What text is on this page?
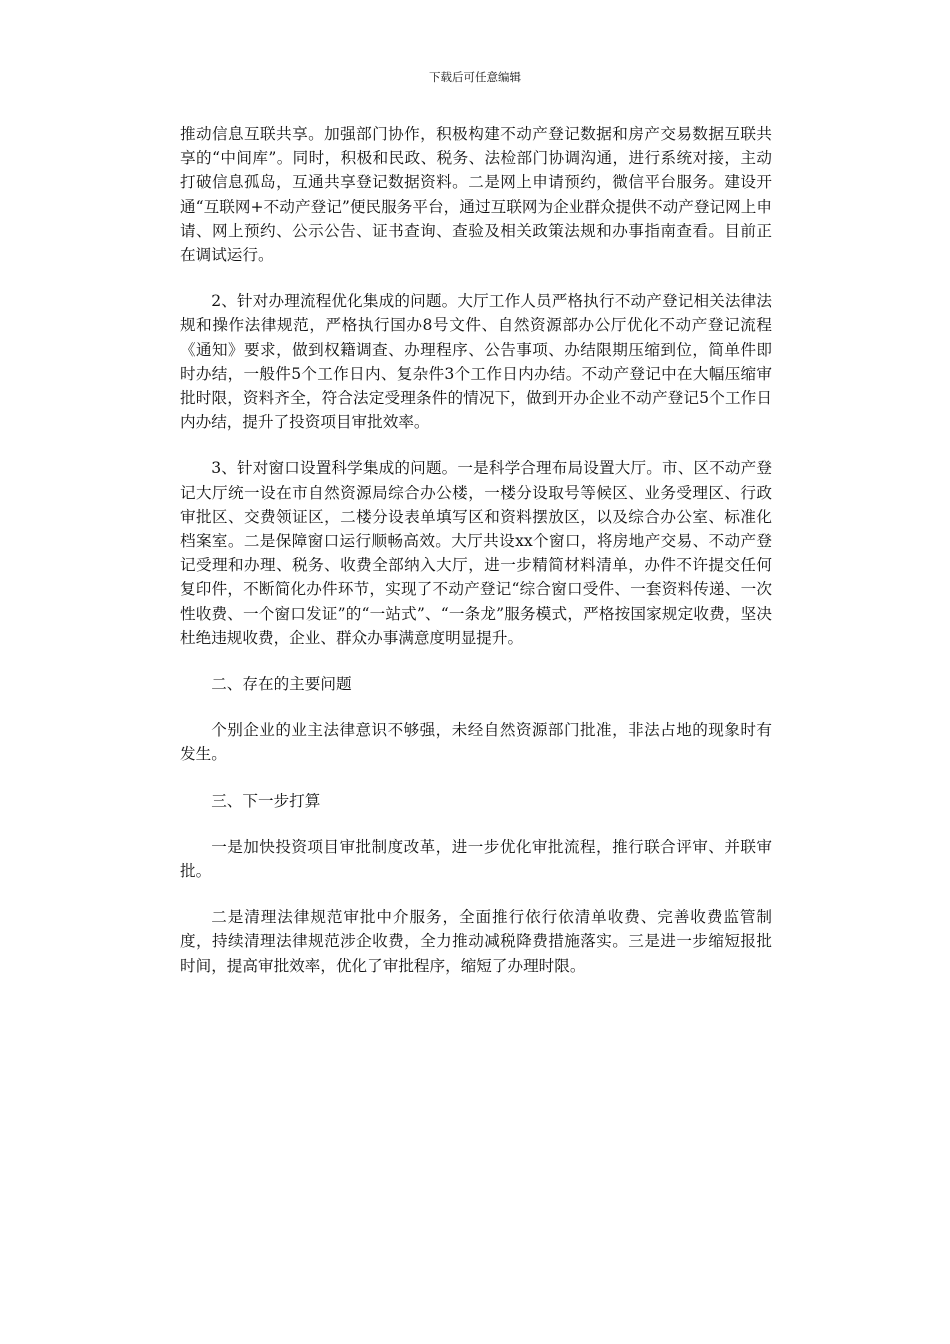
下载后可任意编辑

推动信息互联共享。加强部门协作，积极构建不动产登记数据和房产交易数据互联共享的“中间库”。同时，积极和民政、税务、法检部门协调沟通，进行系统对接，主动打破信息孤岛，互通共享登记数据资料。二是网上申请预约，微信平台服务。建设开通“互联网+不动产登记”便民服务平台，通过互联网为企业群众提供不动产登记网上申请、网上预约、公示公告、证书查询、查验及相关政策法规和办事指南查看。目前正在调试运行。

2、针对办理流程优化集成的问题。大厅工作人员严格执行不动产登记相关法律法规和操作法律规范，严格执行国办8号文件、自然资源部办公厅优化不动产登记流程《通知》要求，做到权籍调查、办理程序、公告事项、办结限期压缩到位，简单件即时办结，一般件5个工作日内、复杂件3个工作日内办结。不动产登记中在大幅压缩审批时限，资料齐全，符合法定受理条件的情况下，做到开办企业不动产登记5个工作日内办结，提升了投资项目审批效率。

3、针对窗口设置科学集成的问题。一是科学合理布局设置大厅。市、区不动产登记大厅统一设在市自然资源局综合办公楼，一楼分设取号等候区、业务受理区、行政审批区、交费领证区，二楼分设表单填写区和资料摆放区，以及综合办公室、标准化档案室。二是保障窗口运行顺畅高效。大厅共设xx个窗口，将房地产交易、不动产登记受理和办理、税务、收费全部纳入大厅，进一步精简材料清单，办件不许提交任何复印件，不断简化办件环节，实现了不动产登记“综合窗口受件、一套资料传递、一次性收费、一个窗口发证”的“一站式”、“一条龙”服务模式，严格按国家规定收费，坚决杜绝违规收费，企业、群众办事满意度明显提升。

二、存在的主要问题

个别企业的业主法律意识不够强，未经自然资源部门批准，非法占地的现象时有发生。

三、下一步打算

一是加快投资项目审批制度改革，进一步优化审批流程，推行联合评审、并联审批。

二是清理法律规范审批中介服务，全面推行依行依清单收费、完善收费监管制度，持续清理法律规范涉企收费，全力推动减税降费措施落实。三是进一步缩短报批时间，提高审批效率，优化了审批程序，缩短了办理时限。
